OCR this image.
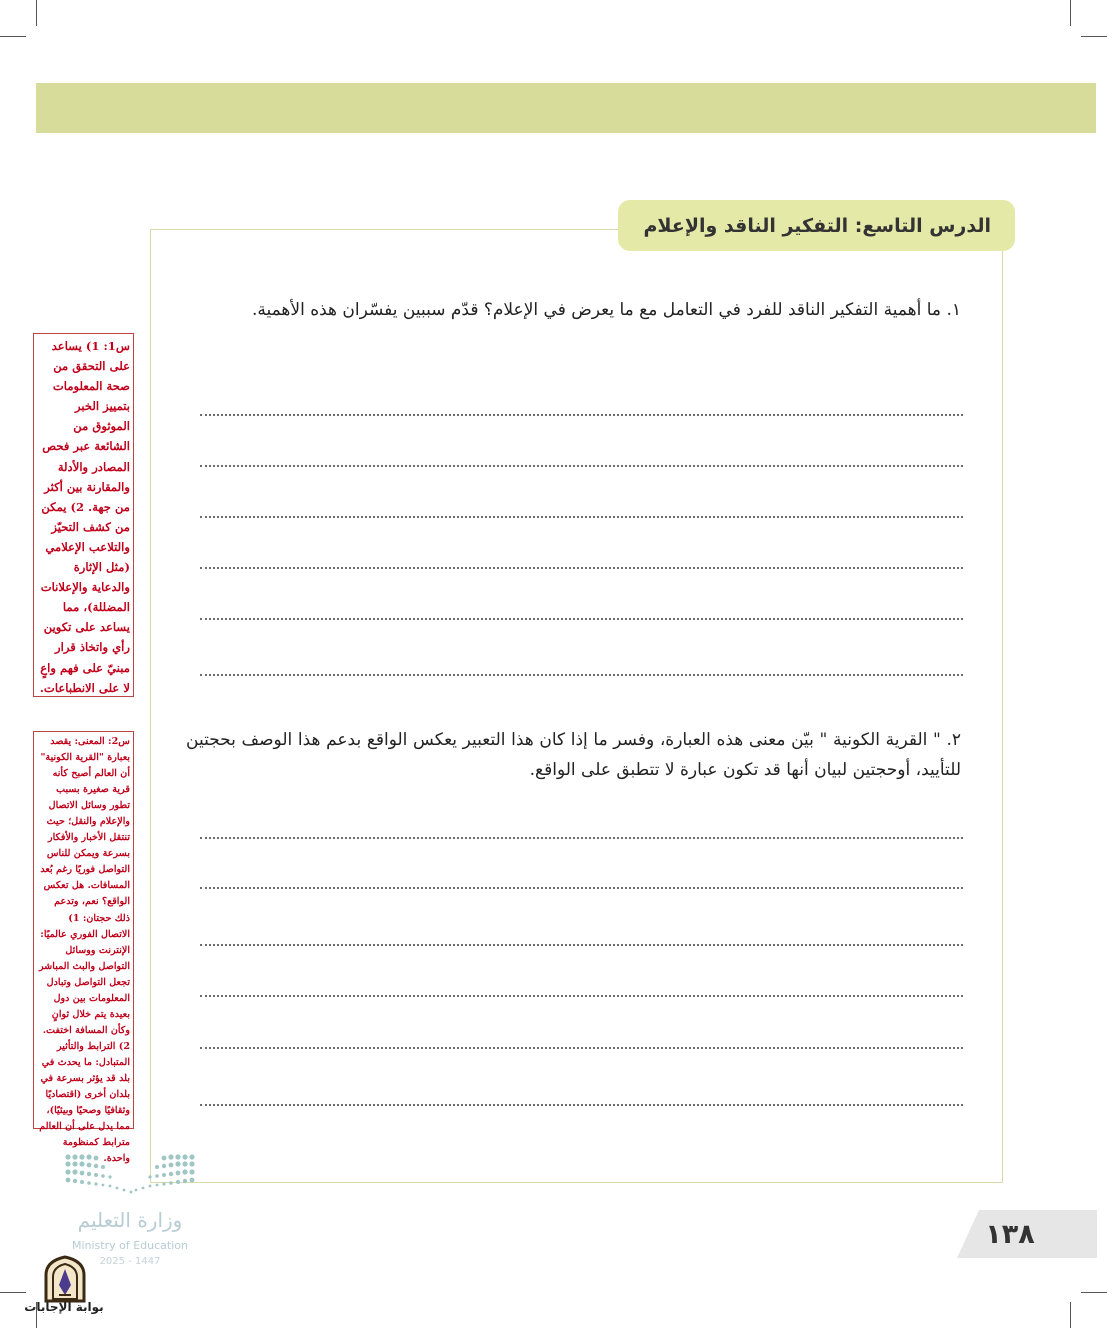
الدرس التاسع: التفكير الناقد والإعلام
١. ما أهمية التفكير الناقد للفرد في التعامل مع ما يعرض في الإعلام؟ قدّم سببين يفسّران هذه الأهمية.
٢. " القرية الكونية " بيّن معنى هذه العبارة، وفسر ما إذا كان هذا التعبير يعكس الواقع بدعم هذا الوصف بحجتين للتأييد، أوحجتين لبيان أنها قد تكون عبارة لا تتطبق على الواقع.
س1: 1) يساعد على التحقق من صحة المعلومات بتمييز الخبر الموثوق من الشائعة عبر فحص المصادر والأدلة والمقارنة بين أكثر من جهة. 2) يمكن من كشف التحيّز والتلاعب الإعلامي (مثل الإثارة والدعاية والإعلانات المضللة)، مما يساعد على تكوين رأي واتخاذ قرار مبنيّ على فهم واعٍ لا على الانطباعات.
س2: المعنى: يقصد بعبارة "القرية الكونية" أن العالم أصبح كأنه قرية صغيرة بسبب تطور وسائل الاتصال والإعلام والنقل؛ حيث تنتقل الأخبار والأفكار بسرعة ويمكن للناس التواصل فوريًا رغم بُعد المسافات. هل تعكس الواقع؟ نعم، وتدعم ذلك حجتان: 1) الاتصال الفوري عالميًا: الإنترنت ووسائل التواصل والبث المباشر تجعل التواصل وتبادل المعلومات بين دول بعيدة يتم خلال ثوانٍ وكأن المسافة اختفت. 2) الترابط والتأثير المتبادل: ما يحدث في بلد قد يؤثر بسرعة في بلدان أخرى (اقتصاديًا وثقافيًا وصحيًا وبيئيًا)، مما يدل على أن العالم مترابط كمنظومة واحدة.
وزارة التعليم
Ministry of Education
2025 - 1447
١٣٨
بوابة الإجابات
